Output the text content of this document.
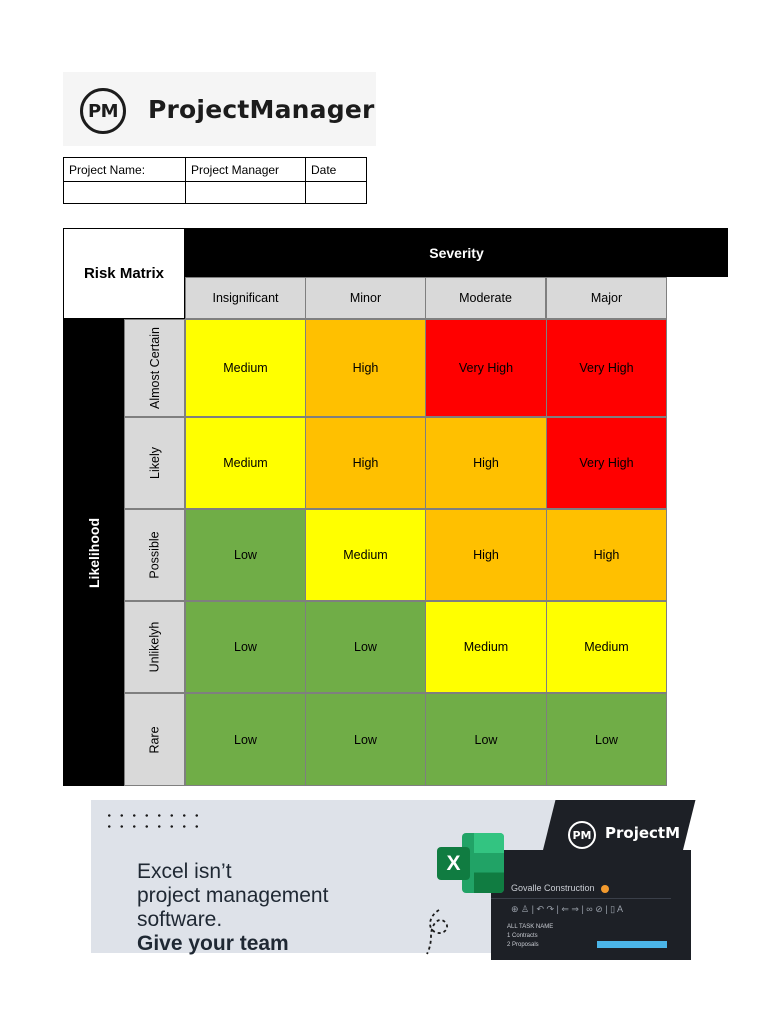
PM ProjectManager
Project Name:	Project Manager	Date

Risk Matrix
Severity
Insignificant	Minor	Moderate	Major
Likelihood
Almost Certain	Medium	High	Very High	Very High
Likely	Medium	High	High	Very High
Possible	Low	Medium	High	High
Unlikelyh	Low	Low	Medium	Medium
Rare	Low	Low	Low	Low
Excel isn’t
project management
software.
Give your team
PM ProjectM
Govalle Construction
⊕ ♙ | ↶ ↷ | ⇐ ⇒ | ∞ ⊘ | ▯ A
ALL TASK NAME
1 Contracts
2 Proposals
X
